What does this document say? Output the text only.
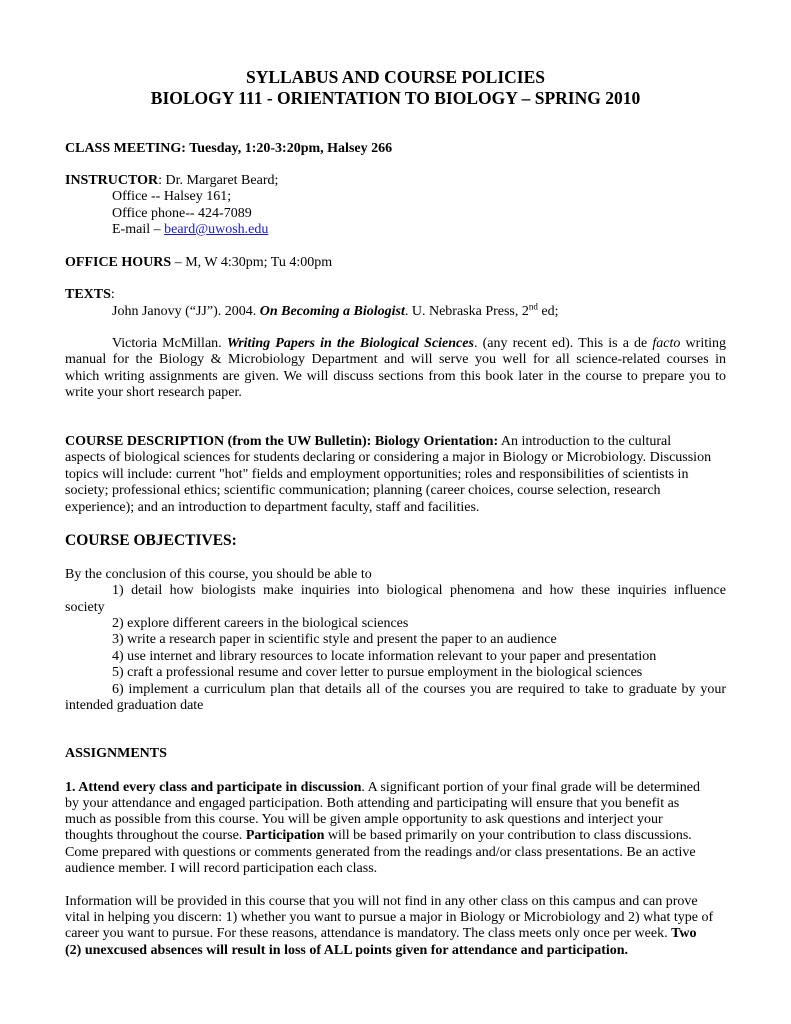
SYLLABUS AND COURSE POLICIES
BIOLOGY 111 - ORIENTATION TO BIOLOGY – SPRING 2010
CLASS MEETING: Tuesday, 1:20-3:20pm, Halsey 266
INSTRUCTOR: Dr. Margaret Beard;
Office -- Halsey 161;
Office phone-- 424-7089
E-mail – beard@uwosh.edu
OFFICE HOURS – M, W 4:30pm; Tu 4:00pm
TEXTS:
John Janovy (“JJ”). 2004. On Becoming a Biologist. U. Nebraska Press, 2nd ed;
Victoria McMillan. Writing Papers in the Biological Sciences. (any recent ed). This is a de facto writing
manual for the Biology & Microbiology Department and will serve you well for all science-related courses in
which writing assignments are given. We will discuss sections from this book later in the course to prepare you to
write your short research paper.
COURSE DESCRIPTION (from the UW Bulletin): Biology Orientation: An introduction to the cultural
aspects of biological sciences for students declaring or considering a major in Biology or Microbiology. Discussion
topics will include: current "hot" fields and employment opportunities; roles and responsibilities of scientists in
society; professional ethics; scientific communication; planning (career choices, course selection, research
experience); and an introduction to department faculty, staff and facilities.
COURSE OBJECTIVES:
By the conclusion of this course, you should be able to
1) detail how biologists make inquiries into biological phenomena and how these inquiries influence
society
2) explore different careers in the biological sciences
3) write a research paper in scientific style and present the paper to an audience
4) use internet and library resources to locate information relevant to your paper and presentation
5) craft a professional resume and cover letter to pursue employment in the biological sciences
6) implement a curriculum plan that details all of the courses you are required to take to graduate by your
intended graduation date
ASSIGNMENTS
1. Attend every class and participate in discussion. A significant portion of your final grade will be determined
by your attendance and engaged participation. Both attending and participating will ensure that you benefit as
much as possible from this course. You will be given ample opportunity to ask questions and interject your
thoughts throughout the course. Participation will be based primarily on your contribution to class discussions.
Come prepared with questions or comments generated from the readings and/or class presentations. Be an active
audience member. I will record participation each class.
Information will be provided in this course that you will not find in any other class on this campus and can prove
vital in helping you discern: 1) whether you want to pursue a major in Biology or Microbiology and 2) what type of
career you want to pursue. For these reasons, attendance is mandatory. The class meets only once per week. Two
(2) unexcused absences will result in loss of ALL points given for attendance and participation.
